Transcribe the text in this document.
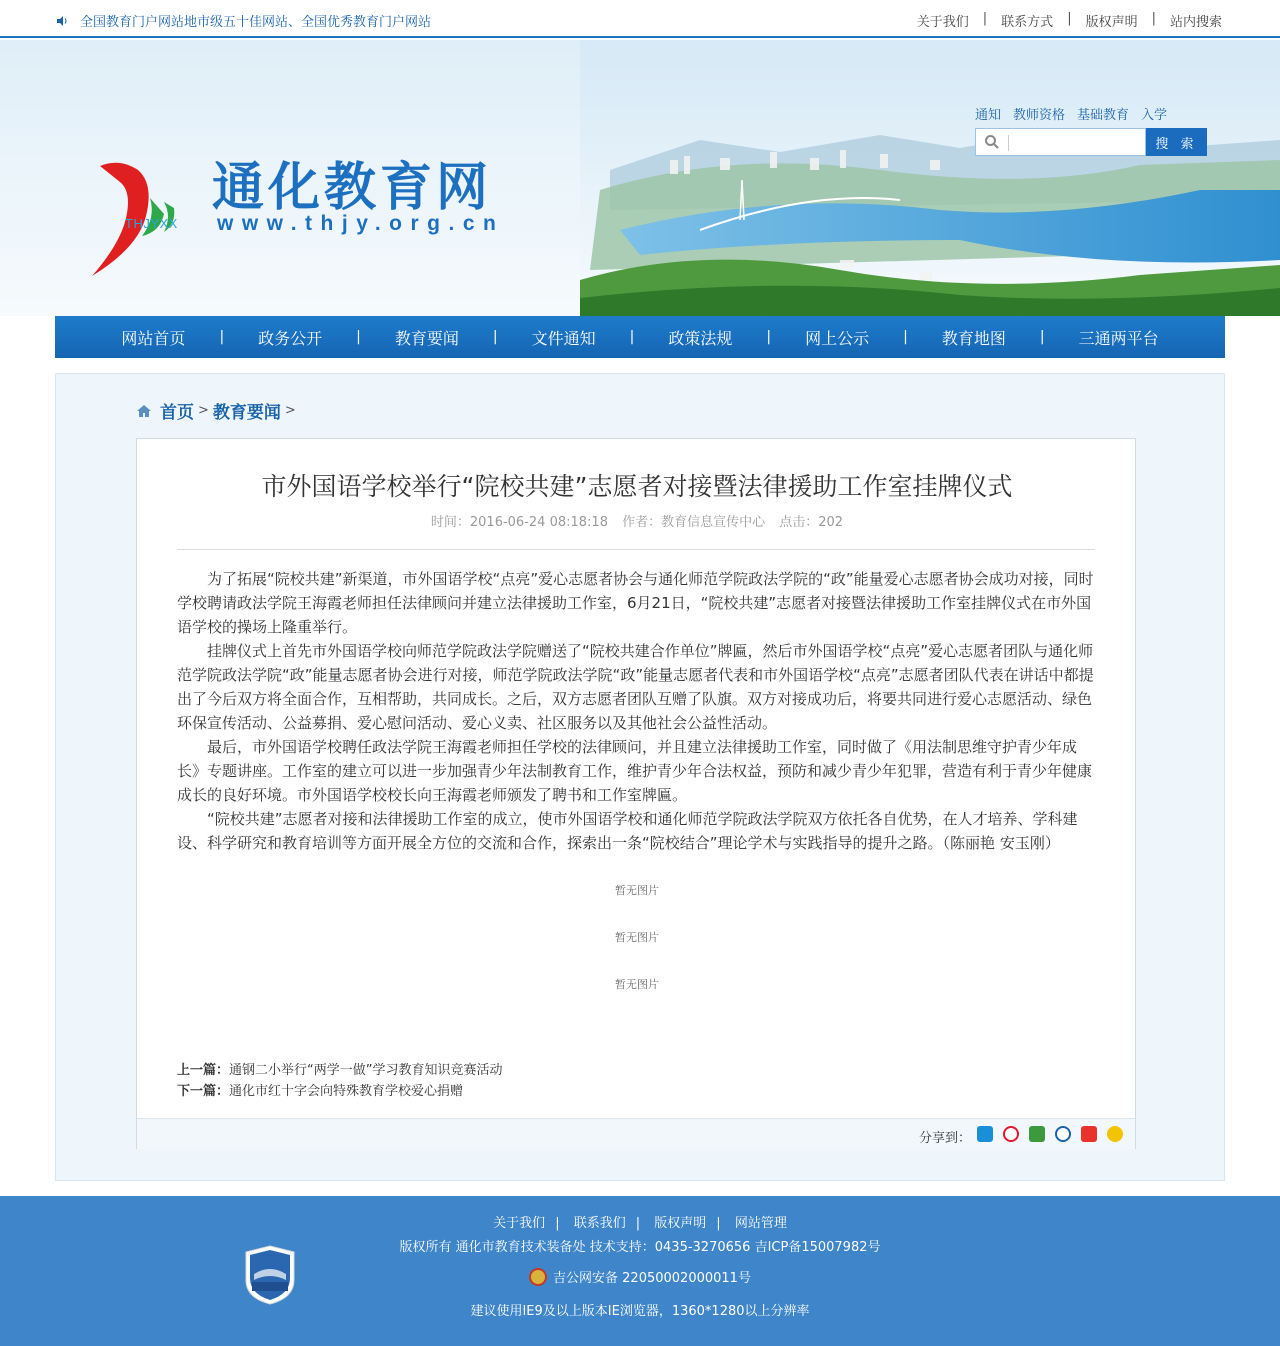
全国教育门户网站地市级五十佳网站、全国优秀教育门户网站	关于我们 | 联系方式 | 版权声明 | 站内搜索
THJYXX
通化教育网
www.thjy.org.cn
通知 教师资格 基础教育 入学
搜 索
网站首页	|	政务公开	|	教育要闻	|	文件通知	|	政策法规	|	网上公示	|	教育地图	|	三通两平台
首页 > 教育要闻 >
市外国语学校举行“院校共建”志愿者对接暨法律援助工作室挂牌仪式
时间：2016-06-24 08:18:18 作者：教育信息宣传中心 点击：202

为了拓展“院校共建”新渠道，市外国语学校“点亮”爱心志愿者协会与通化师范学院政法学院的“政”能量爱心志愿者协会成功对接，同时学校聘请政法学院王海霞老师担任法律顾问并建立法律援助工作室，6月21日，“院校共建”志愿者对接暨法律援助工作室挂牌仪式在市外国语学校的操场上隆重举行。

挂牌仪式上首先市外国语学校向师范学院政法学院赠送了“院校共建合作单位”牌匾，然后市外国语学校“点亮”爱心志愿者团队与通化师范学院政法学院“政”能量志愿者协会进行对接，师范学院政法学院“政”能量志愿者代表和市外国语学校“点亮”志愿者团队代表在讲话中都提出了今后双方将全面合作，互相帮助，共同成长。之后，双方志愿者团队互赠了队旗。双方对接成功后，将要共同进行爱心志愿活动、绿色环保宣传活动、公益募捐、爱心慰问活动、爱心义卖、社区服务以及其他社会公益性活动。

最后，市外国语学校聘任政法学院王海霞老师担任学校的法律顾问，并且建立法律援助工作室，同时做了《用法制思维守护青少年成长》专题讲座。工作室的建立可以进一步加强青少年法制教育工作，维护青少年合法权益，预防和减少青少年犯罪，营造有利于青少年健康成长的良好环境。市外国语学校校长向王海霞老师颁发了聘书和工作室牌匾。

“院校共建”志愿者对接和法律援助工作室的成立，使市外国语学校和通化师范学院政法学院双方依托各自优势，在人才培养、学科建设、科学研究和教育培训等方面开展全方位的交流和合作，探索出一条“院校结合”理论学术与实践指导的提升之路。（陈丽艳 安玉刚）

暂无图片
暂无图片
暂无图片
上一篇：通钢二小举行“两学一做”学习教育知识竞赛活动
下一篇：通化市红十字会向特殊教育学校爱心捐赠
分享到：
关于我们 | 联系我们 | 版权声明 | 网站管理
版权所有 通化市教育技术装备处 技术支持：0435-3270656 吉ICP备15007982号
吉公网安备 22050002000011号
建议使用IE9及以上版本IE浏览器，1360*1280以上分辨率
